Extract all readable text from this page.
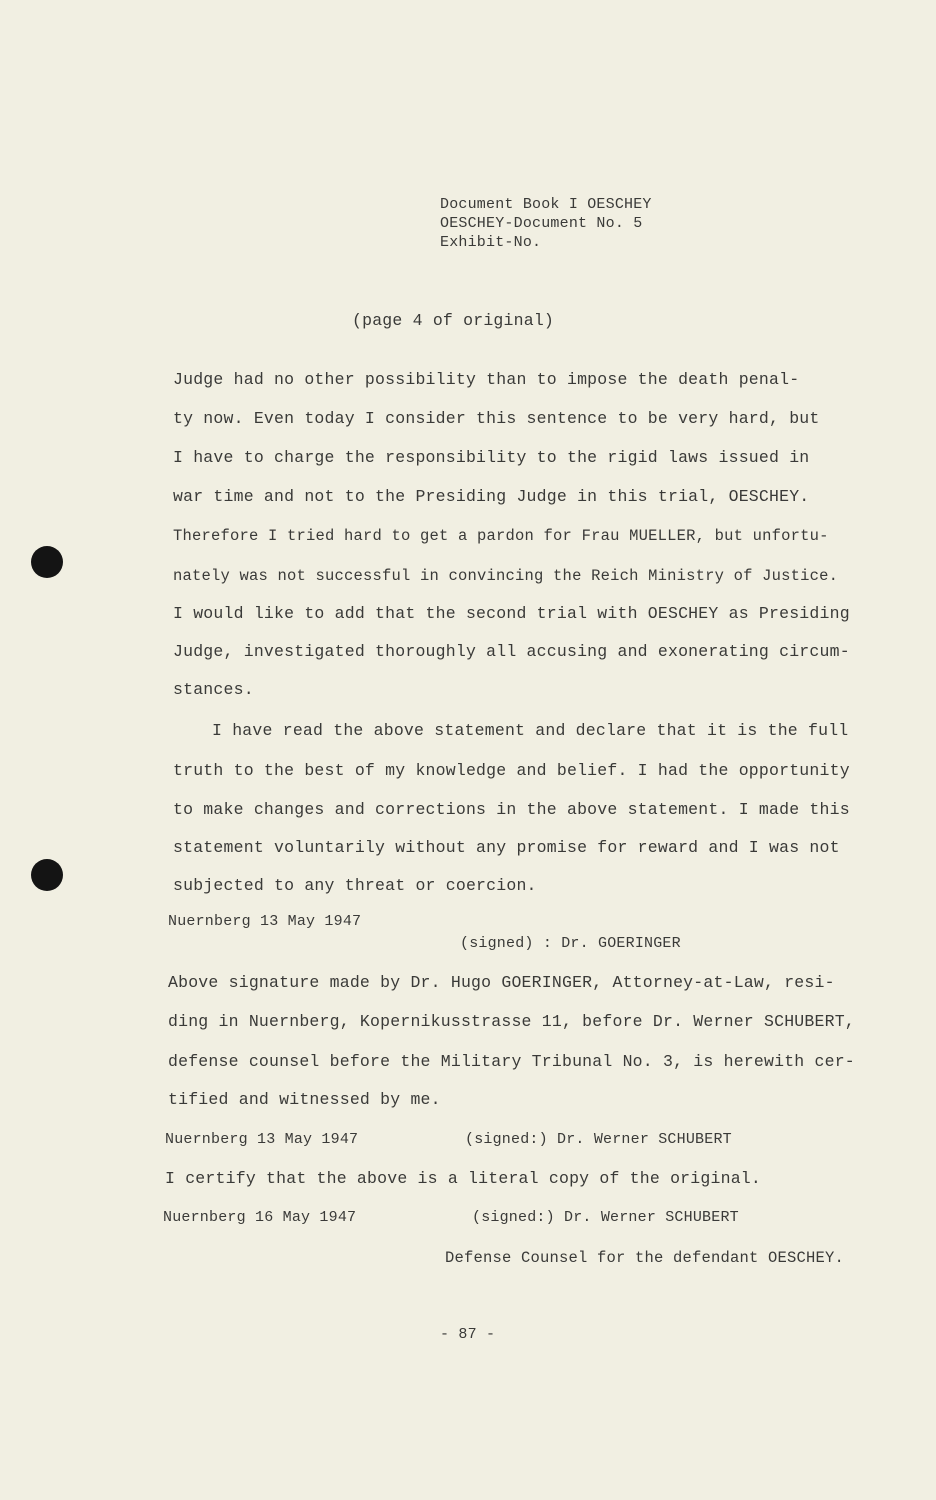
Document Book I OESCHEY
OESCHEY-Document No. 5
Exhibit-No.
(page 4 of original)
Judge had no other possibility than to impose the death penal-
ty now. Even today I consider this sentence to be very hard, but
I have to charge the responsibility to the rigid laws issued in
war time and not to the Presiding Judge in this trial, OESCHEY.
Therefore I tried hard to get a pardon for Frau MUELLER, but unfortu-
nately was not successful in convincing the Reich Ministry of Justice.
I would like to add that the second trial with OESCHEY as Presiding
Judge, investigated thoroughly all accusing and exonerating circum-
stances.
I have read the above statement and declare that it is the full
truth to the best of my knowledge and belief. I had the opportunity
to make changes and corrections in the above statement. I made this
statement voluntarily without any promise for reward and I was not
subjected to any threat or coercion.
Nuernberg 13 May 1947
(signed) : Dr. GOERINGER
Above signature made by Dr. Hugo GOERINGER, Attorney-at-Law, resi-
ding in Nuernberg, Kopernikusstrasse 11, before Dr. Werner SCHUBERT,
defense counsel before the Military Tribunal No. 3, is herewith cer-
tified and witnessed by me.
Nuernberg 13 May 1947	(signed:) Dr. Werner SCHUBERT
I certify that the above is a literal copy of the original.
Nuernberg 16 May 1947	(signed:) Dr. Werner SCHUBERT
Defense Counsel for the defendant OESCHEY.
- 87 -
